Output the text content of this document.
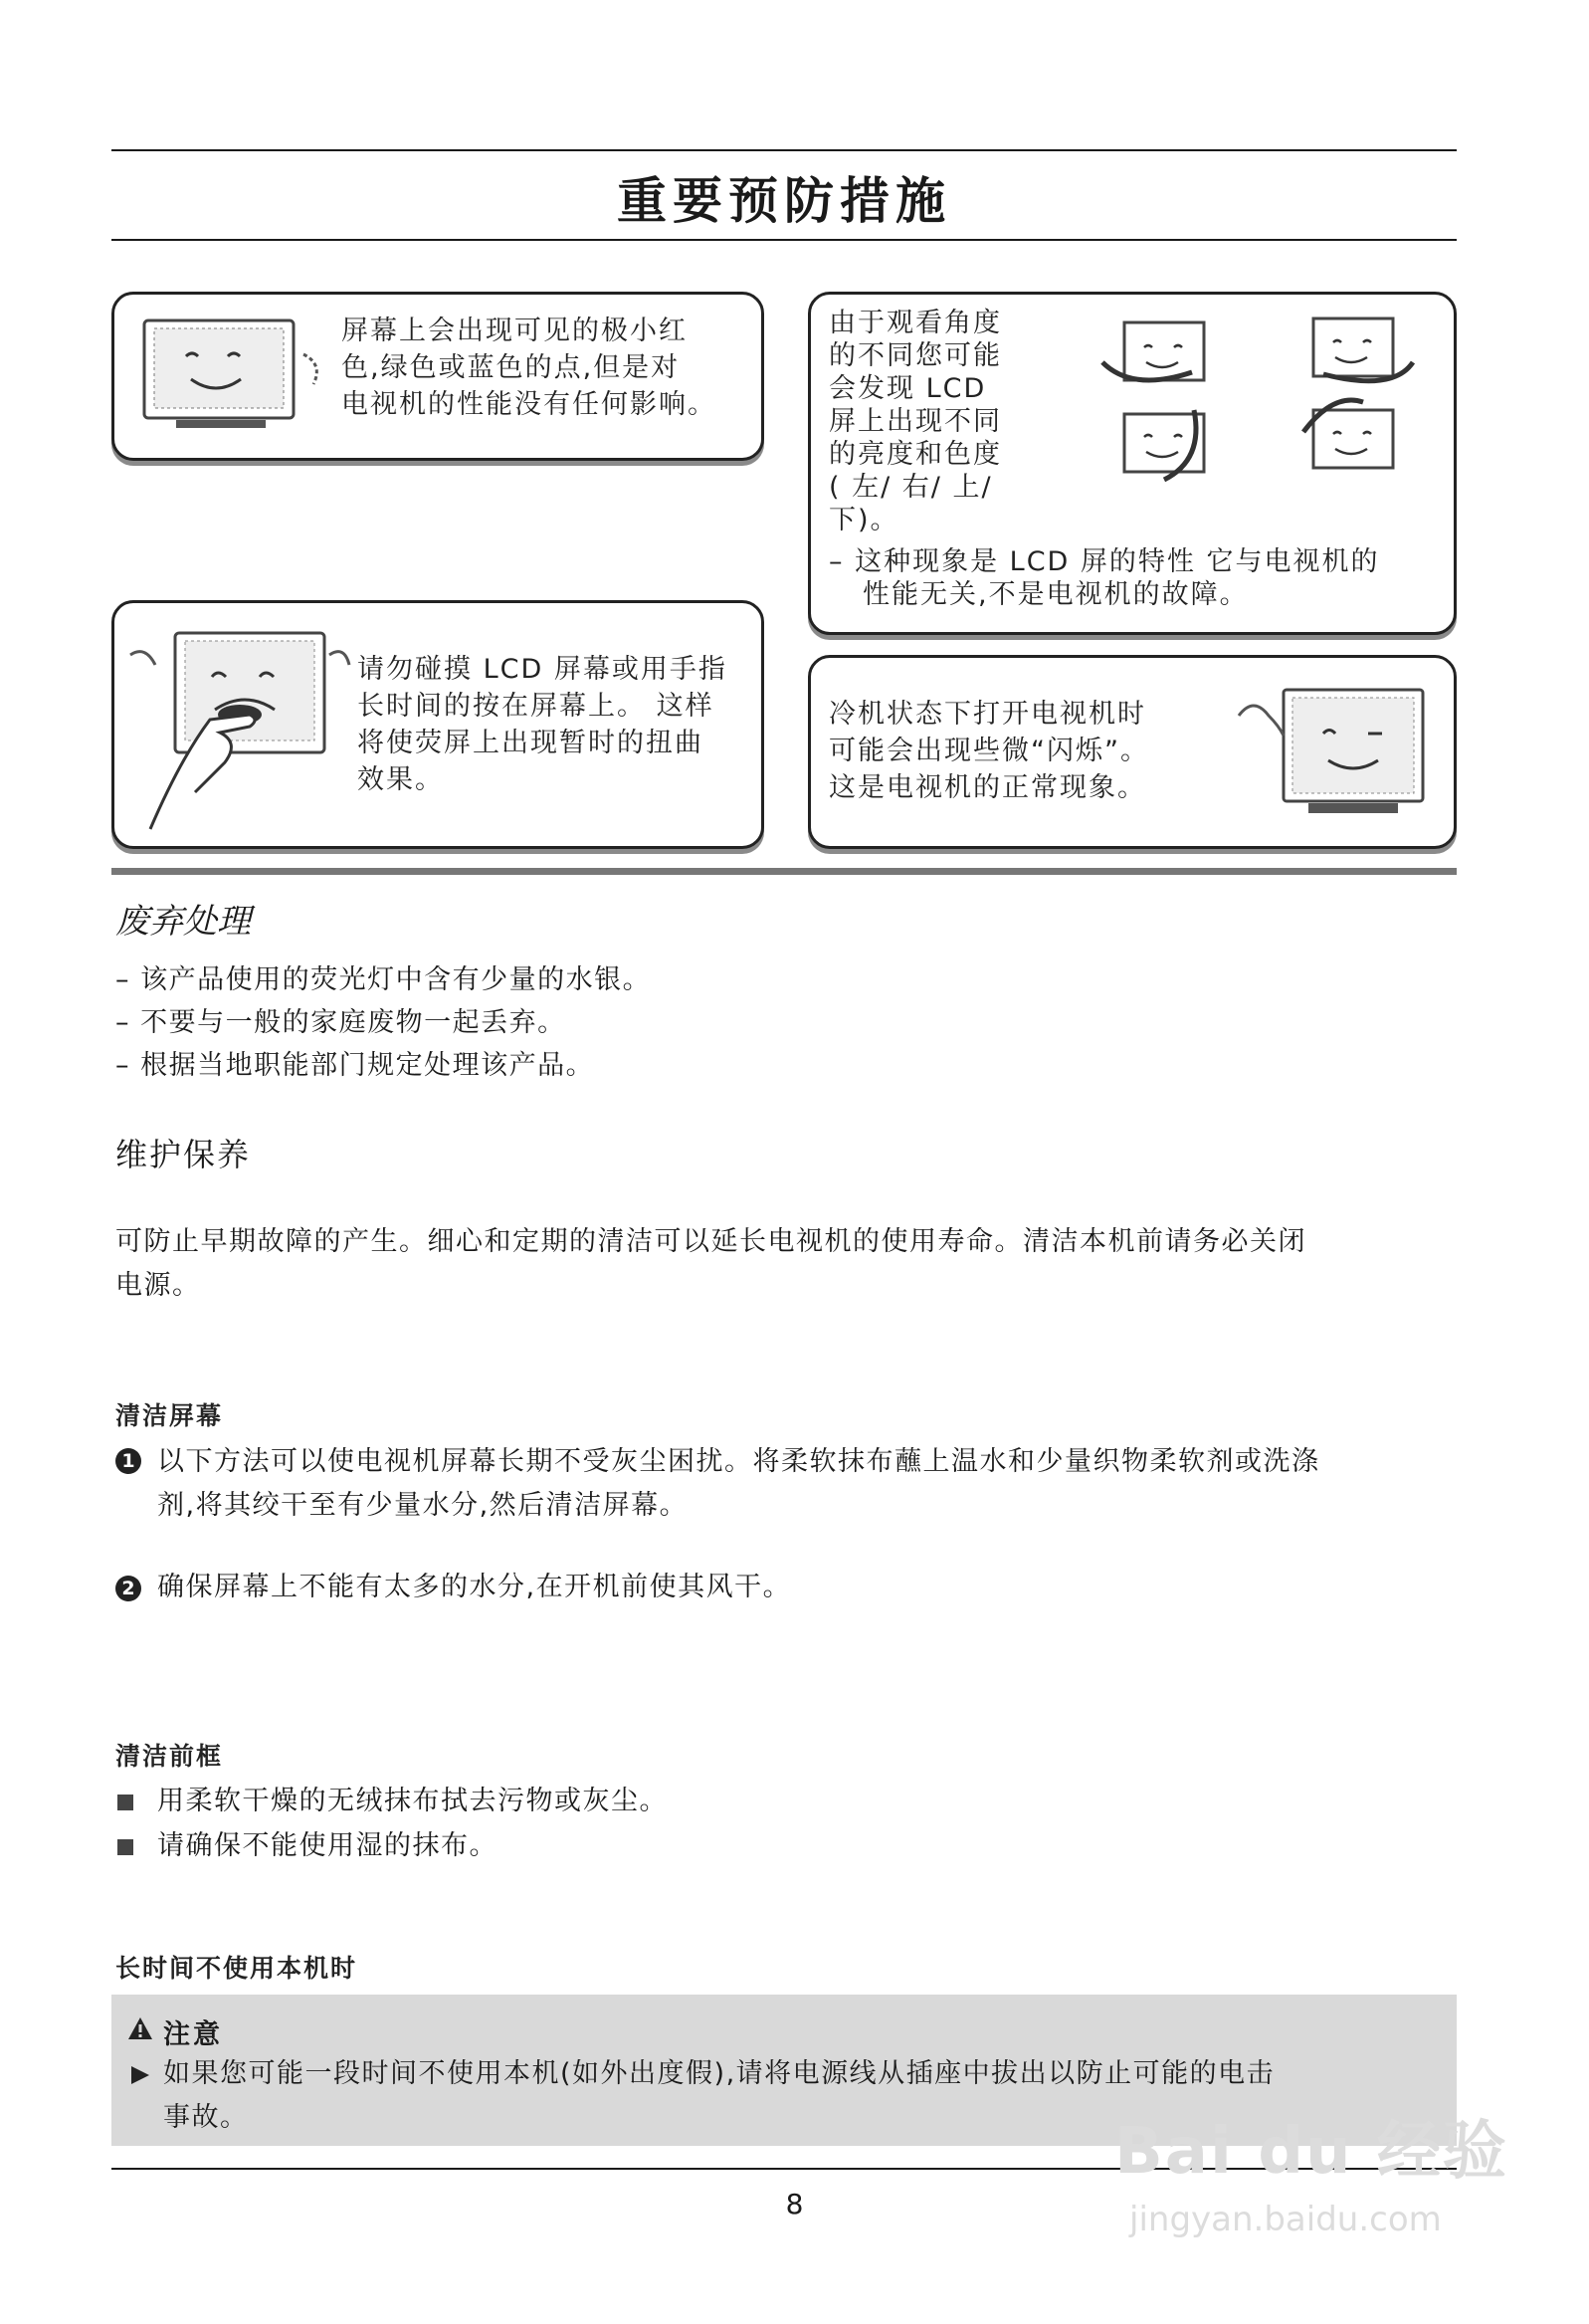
重要预防措施
屏幕上会出现可见的极小红
色,绿色或蓝色的点,但是对
电视机的性能没有任何影响。
由于观看角度
的不同您可能
会发现 LCD
屏上出现不同
的亮度和色度
( 左/ 右/ 上/
下)。
– 这种现象是 LCD 屏的特性 它与电视机的
性能无关,不是电视机的故障。
请勿碰摸 LCD 屏幕或用手指
长时间的按在屏幕上。 这样
将使荧屏上出现暂时的扭曲
效果。
冷机状态下打开电视机时
可能会出现些微“闪烁”。
这是电视机的正常现象。
废弃处理
– 该产品使用的荧光灯中含有少量的水银。
– 不要与一般的家庭废物一起丢弃。
– 根据当地职能部门规定处理该产品。
维护保养
可防止早期故障的产生。细心和定期的清洁可以延长电视机的使用寿命。清洁本机前请务必关闭
电源。
清洁屏幕
1 以下方法可以使电视机屏幕长期不受灰尘困扰。将柔软抹布蘸上温水和少量织物柔软剂或洗涤
剂,将其绞干至有少量水分,然后清洁屏幕。
2 确保屏幕上不能有太多的水分,在开机前使其风干。
清洁前框
用柔软干燥的无绒抹布拭去污物或灰尘。
请确保不能使用湿的抹布。
长时间不使用本机时
注意
如果您可能一段时间不使用本机(如外出度假),请将电源线从插座中拔出以防止可能的电击
事故。
8
Bai du 经验
jingyan.baidu.com
